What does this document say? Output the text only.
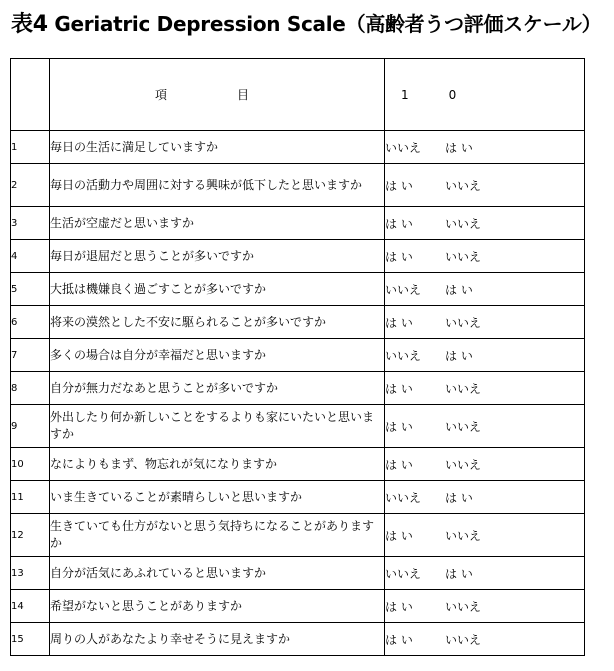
表4 Geriatric Depression Scale（高齢者うつ評価スケール）

	項 目	1 0

1	毎日の生活に満足していますか	いいえ は い

2	毎日の活動力や周囲に対する興味が低下したと思いますか	は い いいえ

3	生活が空虚だと思いますか	は い いいえ

4	毎日が退屈だと思うことが多いですか	は い いいえ

5	大抵は機嫌良く過ごすことが多いですか	いいえ は い

6	将来の漠然とした不安に駆られることが多いですか	は い いいえ

7	多くの場合は自分が幸福だと思いますか	いいえ は い

8	自分が無力だなあと思うことが多いですか	は い いいえ

9	外出したり何か新しいことをするよりも家にいたいと思いますか	は い いいえ

10	なによりもまず、物忘れが気になりますか	は い いいえ

11	いま生きていることが素晴らしいと思いますか	いいえ は い

12	生きていても仕方がないと思う気持ちになることがありますか	は い いいえ

13	自分が活気にあふれていると思いますか	いいえ は い

14	希望がないと思うことがありますか	は い いいえ

15	周りの人があなたより幸せそうに見えますか	は い いいえ
